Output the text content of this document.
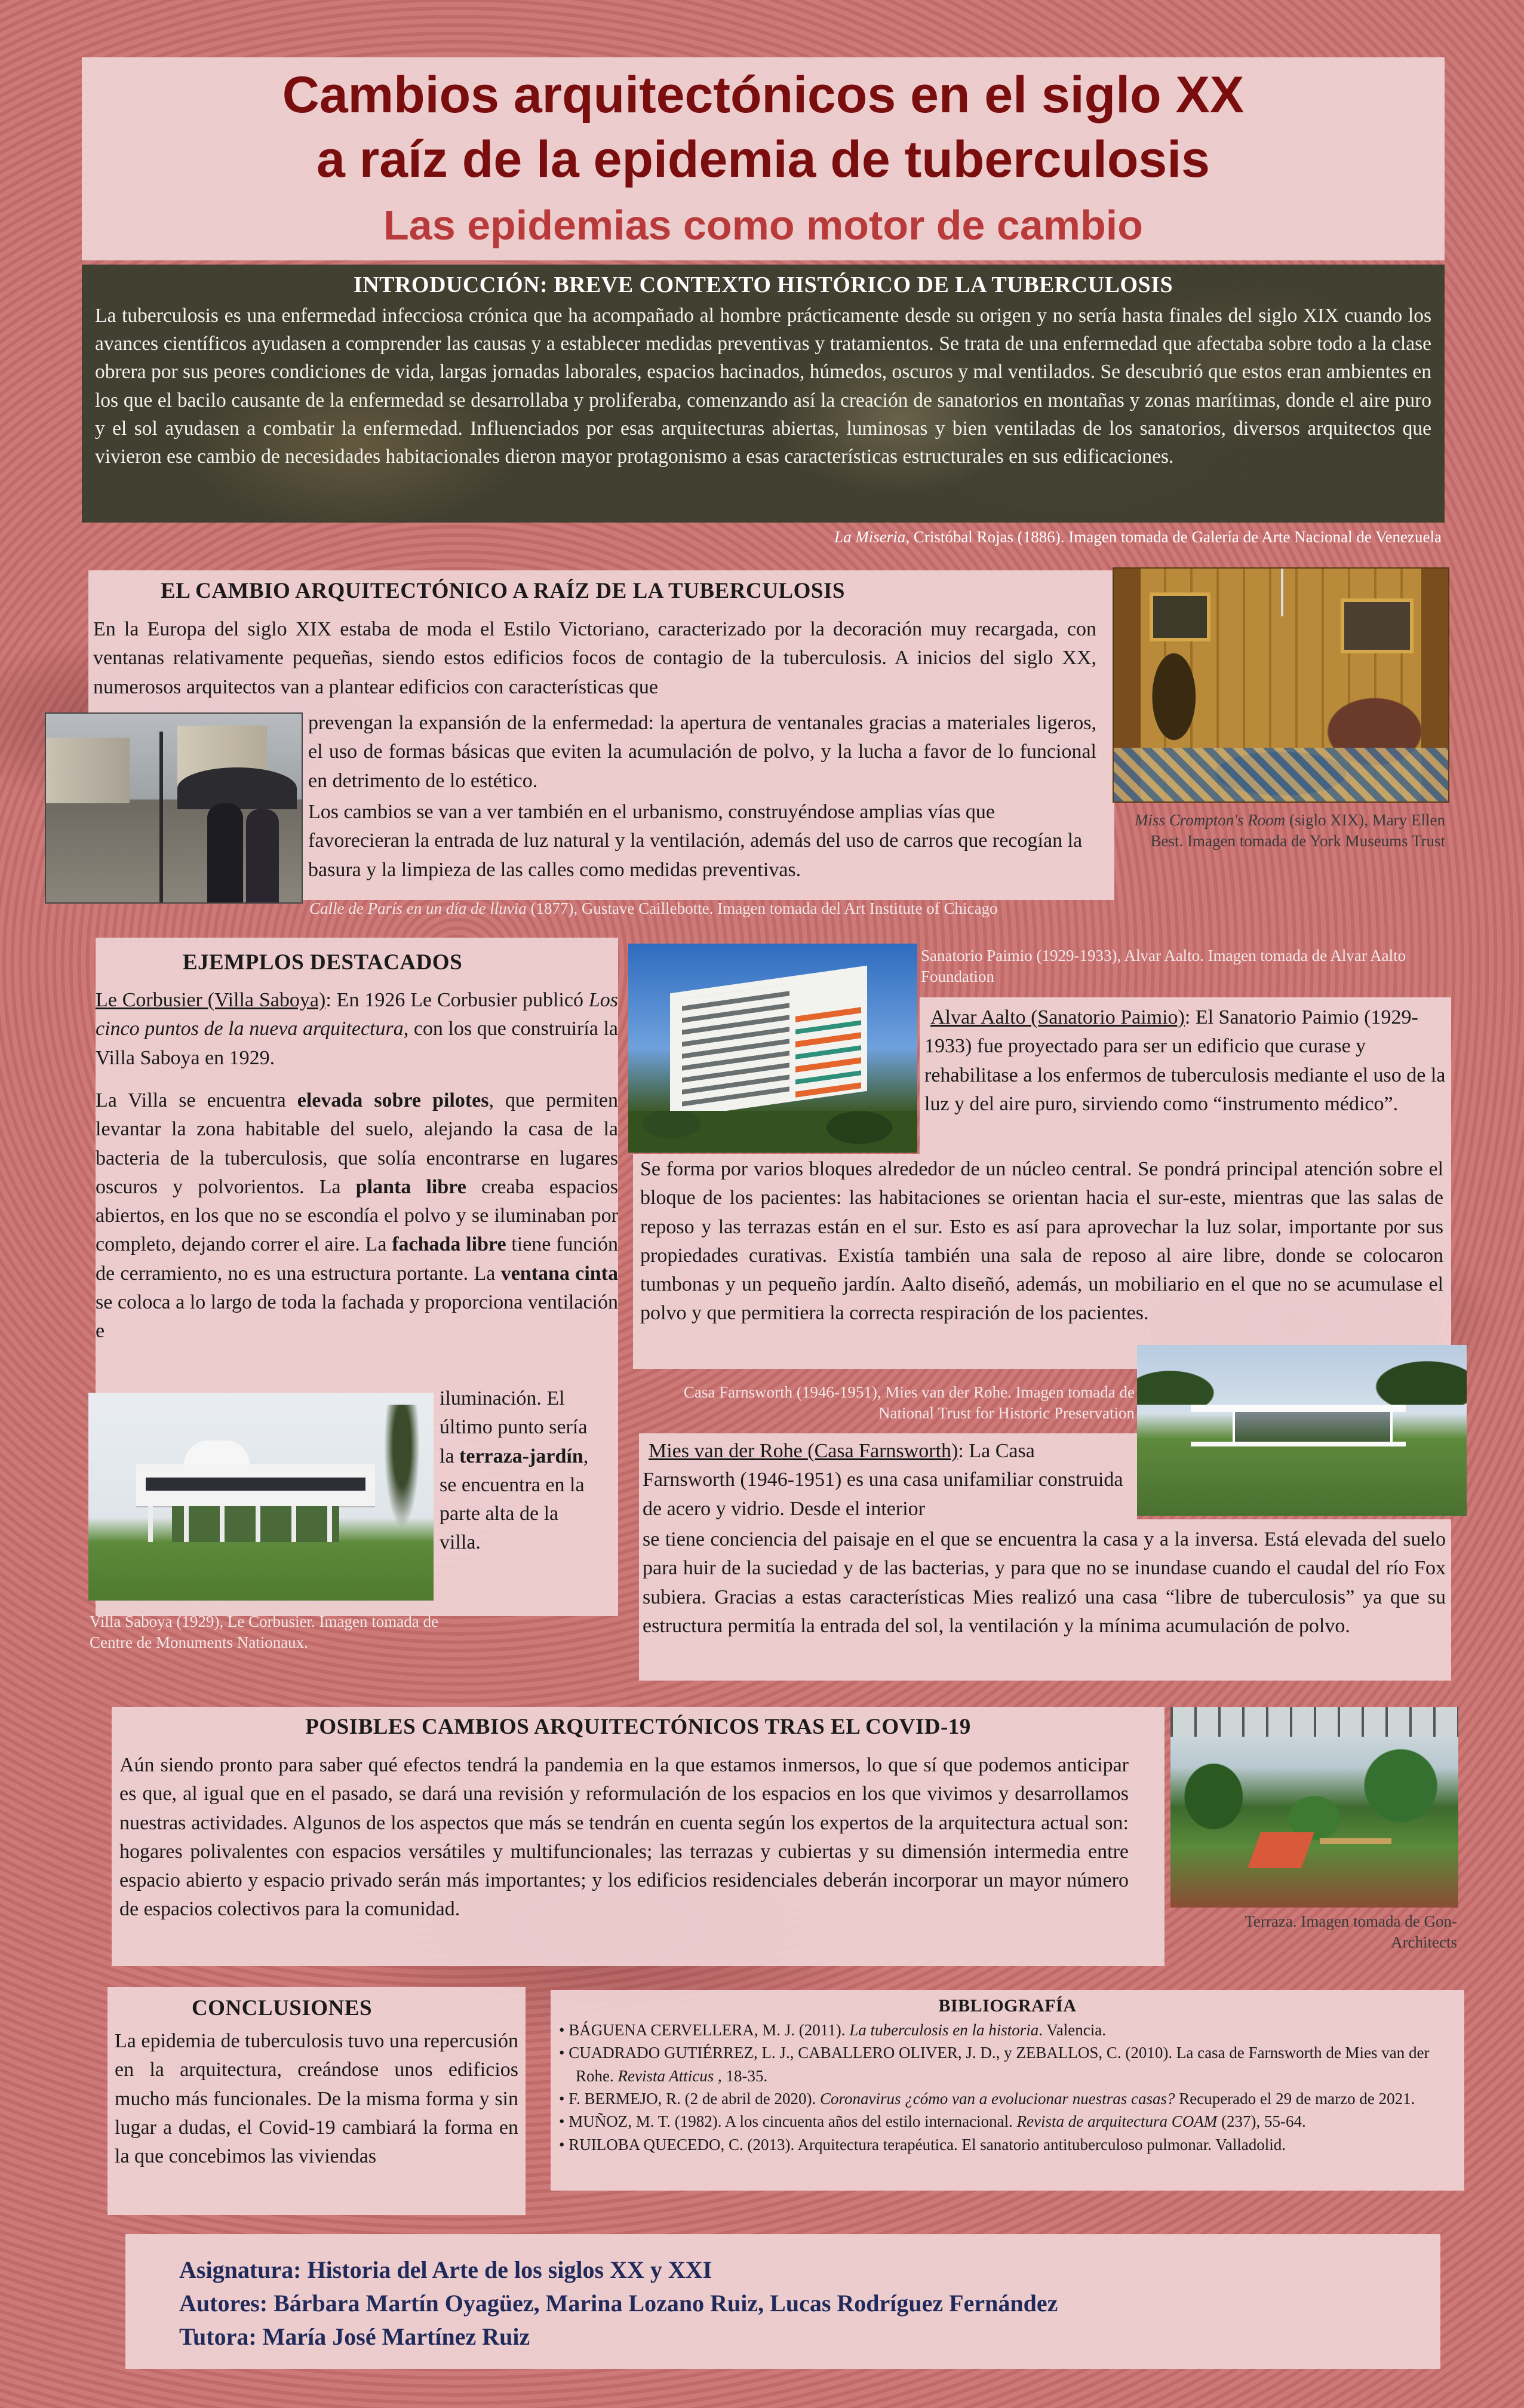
Cambios arquitectónicos en el siglo XX
a raíz de la epidemia de tuberculosis
Las epidemias como motor de cambio
INTRODUCCIÓN: BREVE CONTEXTO HISTÓRICO DE LA TUBERCULOSIS
La tuberculosis es una enfermedad infecciosa crónica que ha acompañado al hombre prácticamente desde su origen y no sería hasta finales del siglo XIX cuando los avances científicos ayudasen a comprender las causas y a establecer medidas preventivas y tratamientos. Se trata de una enfermedad que afectaba sobre todo a la clase obrera por sus peores condiciones de vida, largas jornadas laborales, espacios hacinados, húmedos, oscuros y mal ventilados. Se descubrió que estos eran ambientes en los que el bacilo causante de la enfermedad se desarrollaba y proliferaba, comenzando así la creación de sanatorios en montañas y zonas marítimas, donde el aire puro y el sol ayudasen a combatir la enfermedad. Influenciados por esas arquitecturas abiertas, luminosas y bien ventiladas de los sanatorios, diversos arquitectos que vivieron ese cambio de necesidades habitacionales dieron mayor protagonismo a esas características estructurales en sus edificaciones.
La Miseria, Cristóbal Rojas (1886). Imagen tomada de Galería de Arte Nacional de Venezuela
EL CAMBIO ARQUITECTÓNICO A RAÍZ DE LA TUBERCULOSIS
En la Europa del siglo XIX estaba de moda el Estilo Victoriano, caracterizado por la decoración muy recargada, con ventanas relativamente pequeñas, siendo estos edificios focos de contagio de la tuberculosis. A inicios del siglo XX, numerosos arquitectos van a plantear edificios con características que
prevengan la expansión de la enfermedad: la apertura de ventanales gracias a materiales ligeros, el uso de formas básicas que eviten la acumulación de polvo, y la lucha a favor de lo funcional en detrimento de lo estético.
Los cambios se van a ver también en el urbanismo, construyéndose amplias vías que favorecieran la entrada de luz natural y la ventilación, además del uso de carros que recogían la basura y la limpieza de las calles como medidas preventivas.
Miss Crompton's Room (siglo XIX), Mary Ellen Best. Imagen tomada de York Museums Trust
Calle de París en un día de lluvia (1877), Gustave Caillebotte. Imagen tomada del Art Institute of Chicago
EJEMPLOS DESTACADOS
Le Corbusier (Villa Saboya): En 1926 Le Corbusier publicó Los cinco puntos de la nueva arquitectura, con los que construiría la Villa Saboya en 1929.
La Villa se encuentra elevada sobre pilotes, que permiten levantar la zona habitable del suelo, alejando la casa de la bacteria de la tuberculosis, que solía encontrarse en lugares oscuros y polvorientos. La planta libre creaba espacios abiertos, en los que no se escondía el polvo y se iluminaban por completo, dejando correr el aire. La fachada libre tiene función de cerramiento, no es una estructura portante. La ventana cinta se coloca a lo largo de toda la fachada y proporciona ventilación e
iluminación. El último punto sería la terraza-jardín, se encuentra en la parte alta de la villa.
Villa Saboya (1929), Le Corbusier. Imagen tomada de Centre de Monuments Nationaux.
Sanatorio Paimio (1929-1933), Alvar Aalto. Imagen tomada de Alvar Aalto Foundation
Alvar Aalto (Sanatorio Paimio): El Sanatorio Paimio (1929-1933) fue proyectado para ser un edificio que curase y rehabilitase a los enfermos de tuberculosis mediante el uso de la luz y del aire puro, sirviendo como “instrumento médico”.
Se forma por varios bloques alrededor de un núcleo central. Se pondrá principal atención sobre el bloque de los pacientes: las habitaciones se orientan hacia el sur-este, mientras que las salas de reposo y las terrazas están en el sur. Esto es así para aprovechar la luz solar, importante por sus propiedades curativas. Existía también una sala de reposo al aire libre, donde se colocaron tumbonas y un pequeño jardín. Aalto diseñó, además, un mobiliario en el que no se acumulase el polvo y que permitiera la correcta respiración de los pacientes.
Casa Farnsworth (1946-1951), Mies van der Rohe. Imagen tomada de National Trust for Historic Preservation
Mies van der Rohe (Casa Farnsworth): La Casa Farnsworth (1946-1951) es una casa unifamiliar construida de acero y vidrio. Desde el interior
se tiene conciencia del paisaje en el que se encuentra la casa y a la inversa. Está elevada del suelo para huir de la suciedad y de las bacterias, y para que no se inundase cuando el caudal del río Fox subiera. Gracias a estas características Mies realizó una casa “libre de tuberculosis” ya que su estructura permitía la entrada del sol, la ventilación y la mínima acumulación de polvo.
POSIBLES CAMBIOS ARQUITECTÓNICOS TRAS EL COVID-19
Aún siendo pronto para saber qué efectos tendrá la pandemia en la que estamos inmersos, lo que sí que podemos anticipar es que, al igual que en el pasado, se dará una revisión y reformulación de los espacios en los que vivimos y desarrollamos nuestras actividades. Algunos de los aspectos que más se tendrán en cuenta según los expertos de la arquitectura actual son: hogares polivalentes con espacios versátiles y multifuncionales; las terrazas y cubiertas y su dimensión intermedia entre espacio abierto y espacio privado serán más importantes; y los edificios residenciales deberán incorporar un mayor número de espacios colectivos para la comunidad.
Terraza. Imagen tomada de Gon-Architects
CONCLUSIONES
La epidemia de tuberculosis tuvo una repercusión en la arquitectura, creándose unos edificios mucho más funcionales. De la misma forma y sin lugar a dudas, el Covid-19 cambiará la forma en la que concebimos las viviendas
BIBLIOGRAFÍA
• BÁGUENA CERVELLERA, M. J. (2011). La tuberculosis en la historia. Valencia.
• CUADRADO GUTIÉRREZ, L. J., CABALLERO OLIVER, J. D., y ZEBALLOS, C. (2010). La casa de Farnsworth de Mies van der Rohe. Revista Atticus , 18-35.
• F. BERMEJO, R. (2 de abril de 2020). Coronavirus ¿cómo van a evolucionar nuestras casas? Recuperado el 29 de marzo de 2021.
• MUÑOZ, M. T. (1982). A los cincuenta años del estilo internacional. Revista de arquitectura COAM (237), 55-64.
• RUILOBA QUECEDO, C. (2013). Arquitectura terapéutica. El sanatorio antituberculoso pulmonar. Valladolid.
Asignatura: Historia del Arte de los siglos XX y XXI
Autores: Bárbara Martín Oyagüez, Marina Lozano Ruiz, Lucas Rodríguez Fernández
Tutora: María José Martínez Ruiz
